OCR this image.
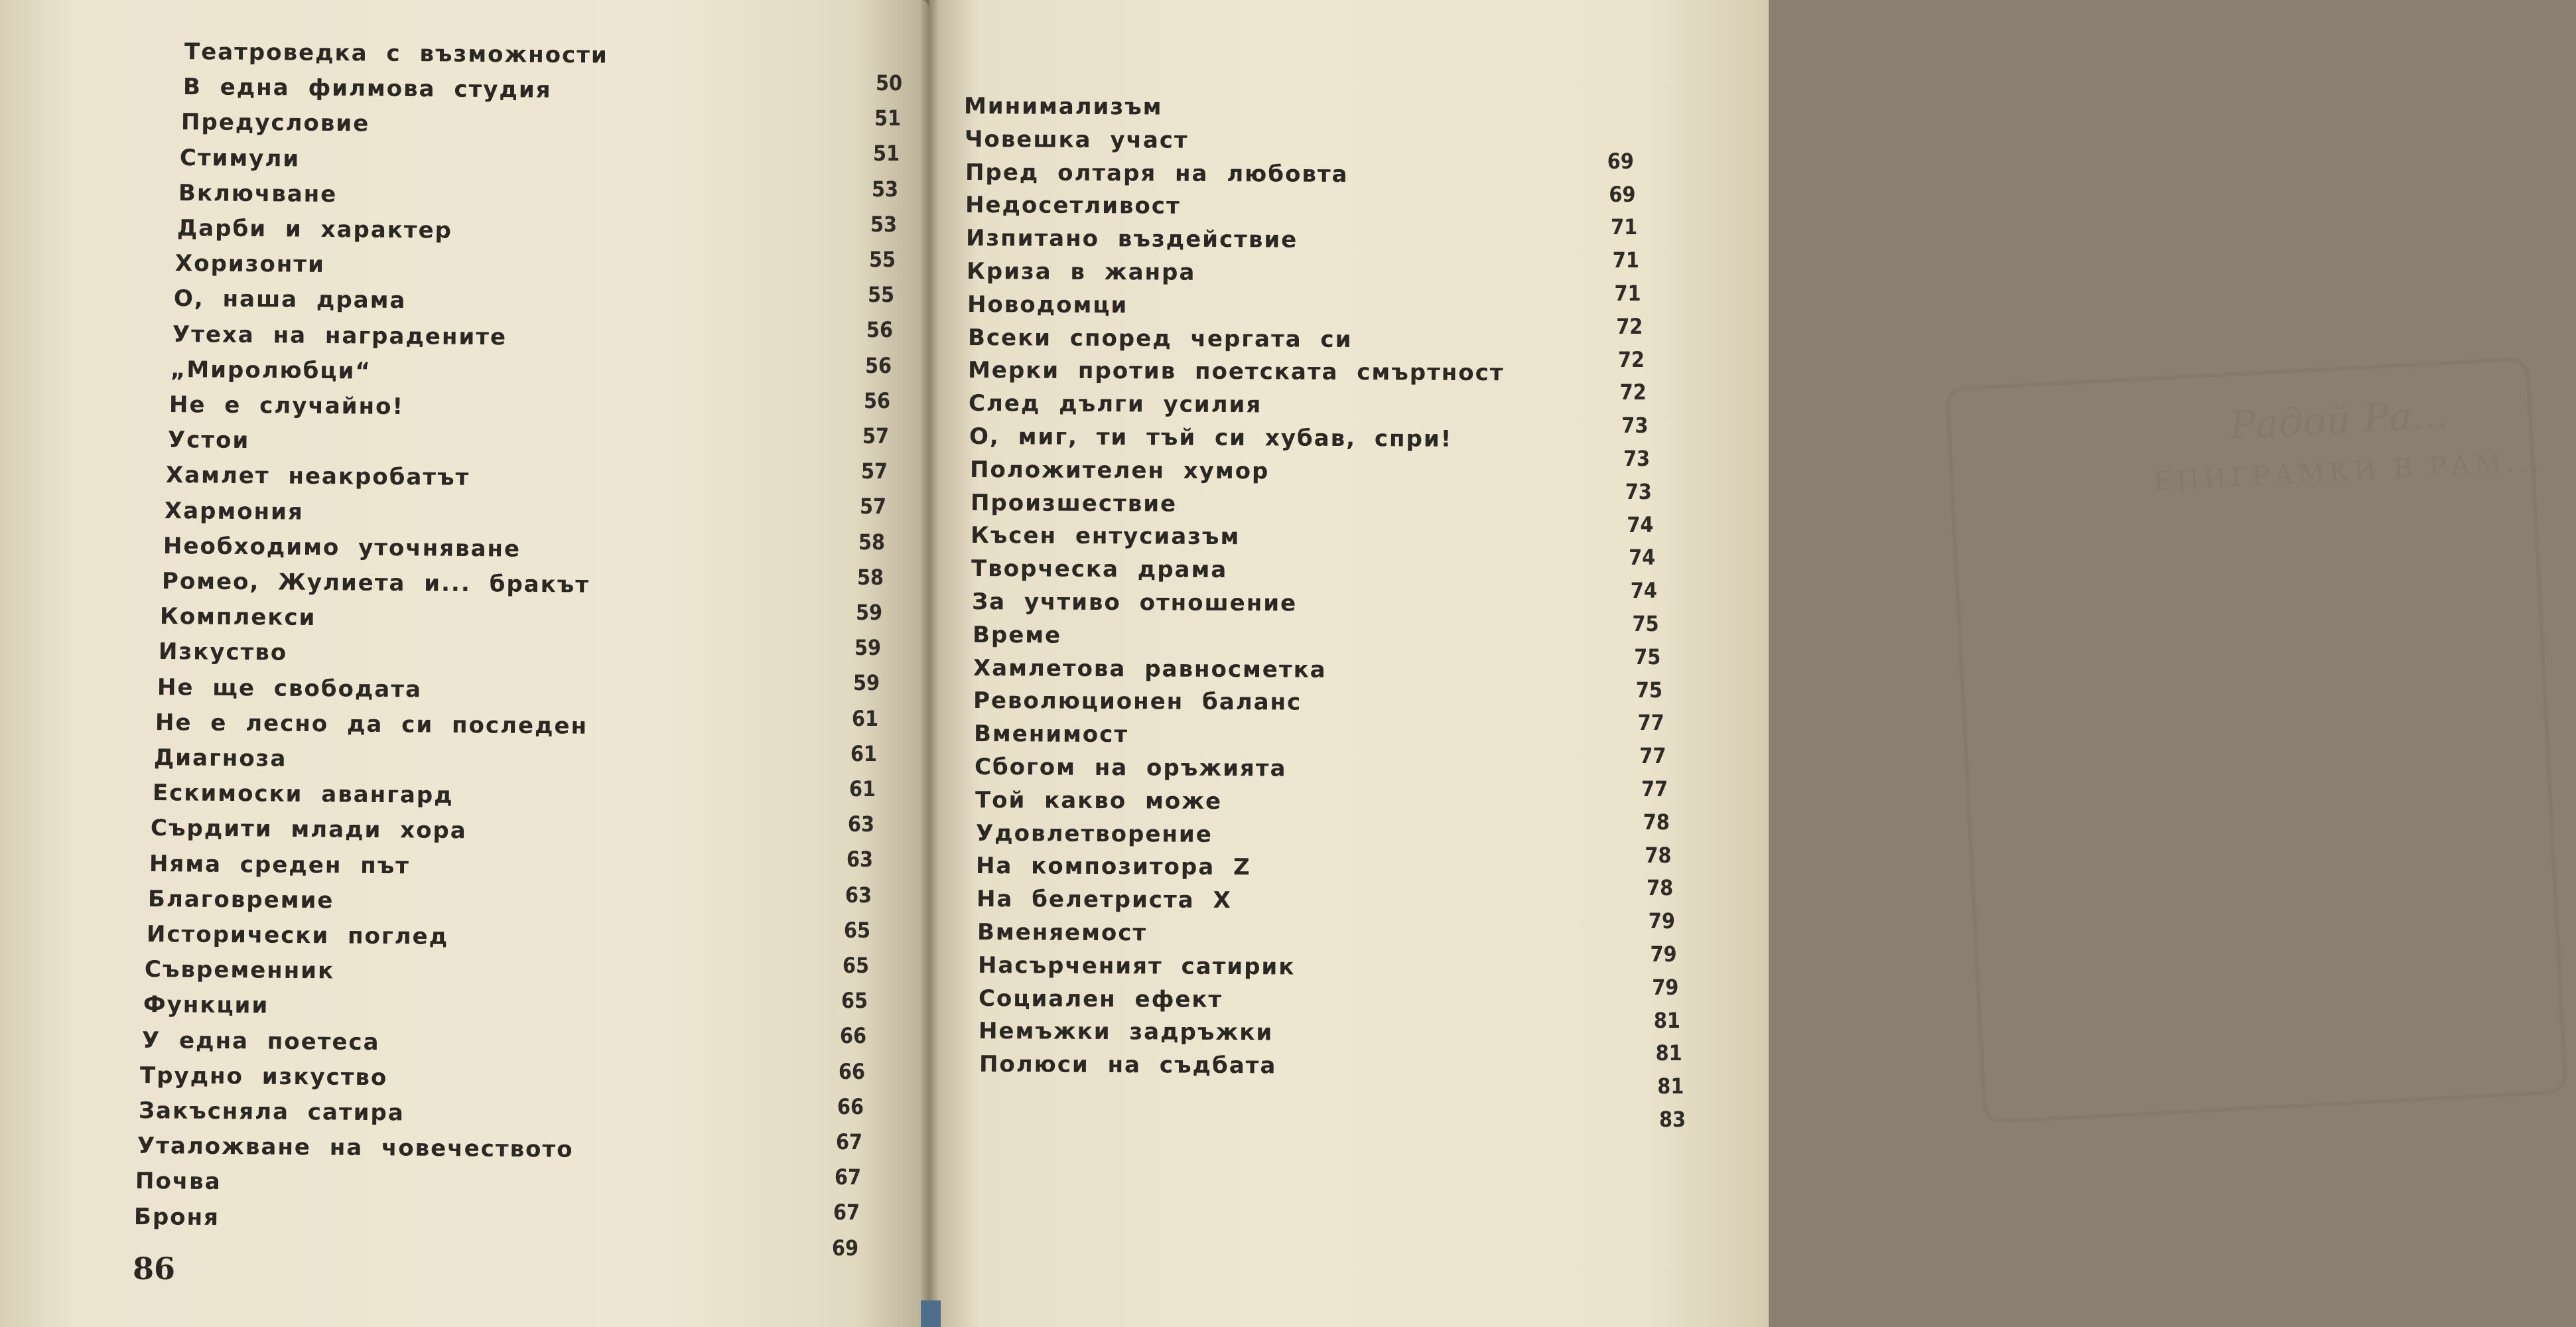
Театроведка с възможности
50
В една филмова студия
51
Предусловие
51
Стимули
53
Включване
53
Дарби и характер
55
Хоризонти
55
О, наша драма
56
Утеха на наградените
56
„Миролюбци“
56
Не е случайно!
57
Устои
57
Хамлет неакробатът
57
Хармония
58
Необходимо уточняване
58
Ромео, Жулиета и... бракът
59
Комплекси
59
Изкуство
59
Не ще свободата
61
Не е лесно да си последен
61
Диагноза
61
Ескимоски авангард
63
Сърдити млади хора
63
Няма среден път
63
Благовремие
65
Исторически поглед
65
Съвременник
65
Функции
66
У една поетеса
66
Трудно изкуство
66
Закъсняла сатира
67
Уталожване на човечеството
67
Почва
67
Броня
69
86
Радой Ра...
ЕПИГРАМКИ В РАМ...
Минимализъм
Човешка участ
69
Пред олтаря на любовта
69
Недосетливост
71
Изпитано въздействие
71
Криза в жанра
71
Новодомци
72
Всеки според чергата си
72
Мерки против поетската смъртност
72
След дълги усилия
73
О, миг, ти тъй си хубав, спри!
73
Положителен хумор
73
Произшествие
74
Късен ентусиазъм
74
Творческа драма
74
За учтиво отношение
75
Време
75
Хамлетова равносметка
75
Революционен баланс
77
Вменимост
77
Сбогом на оръжията
77
Той какво може
78
Удовлетворение
78
На композитора Z
78
На белетриста X
79
Вменяемост
79
Насърченият сатирик
79
Социален ефект
81
Немъжки задръжки
81
Полюси на съдбата
81
83
